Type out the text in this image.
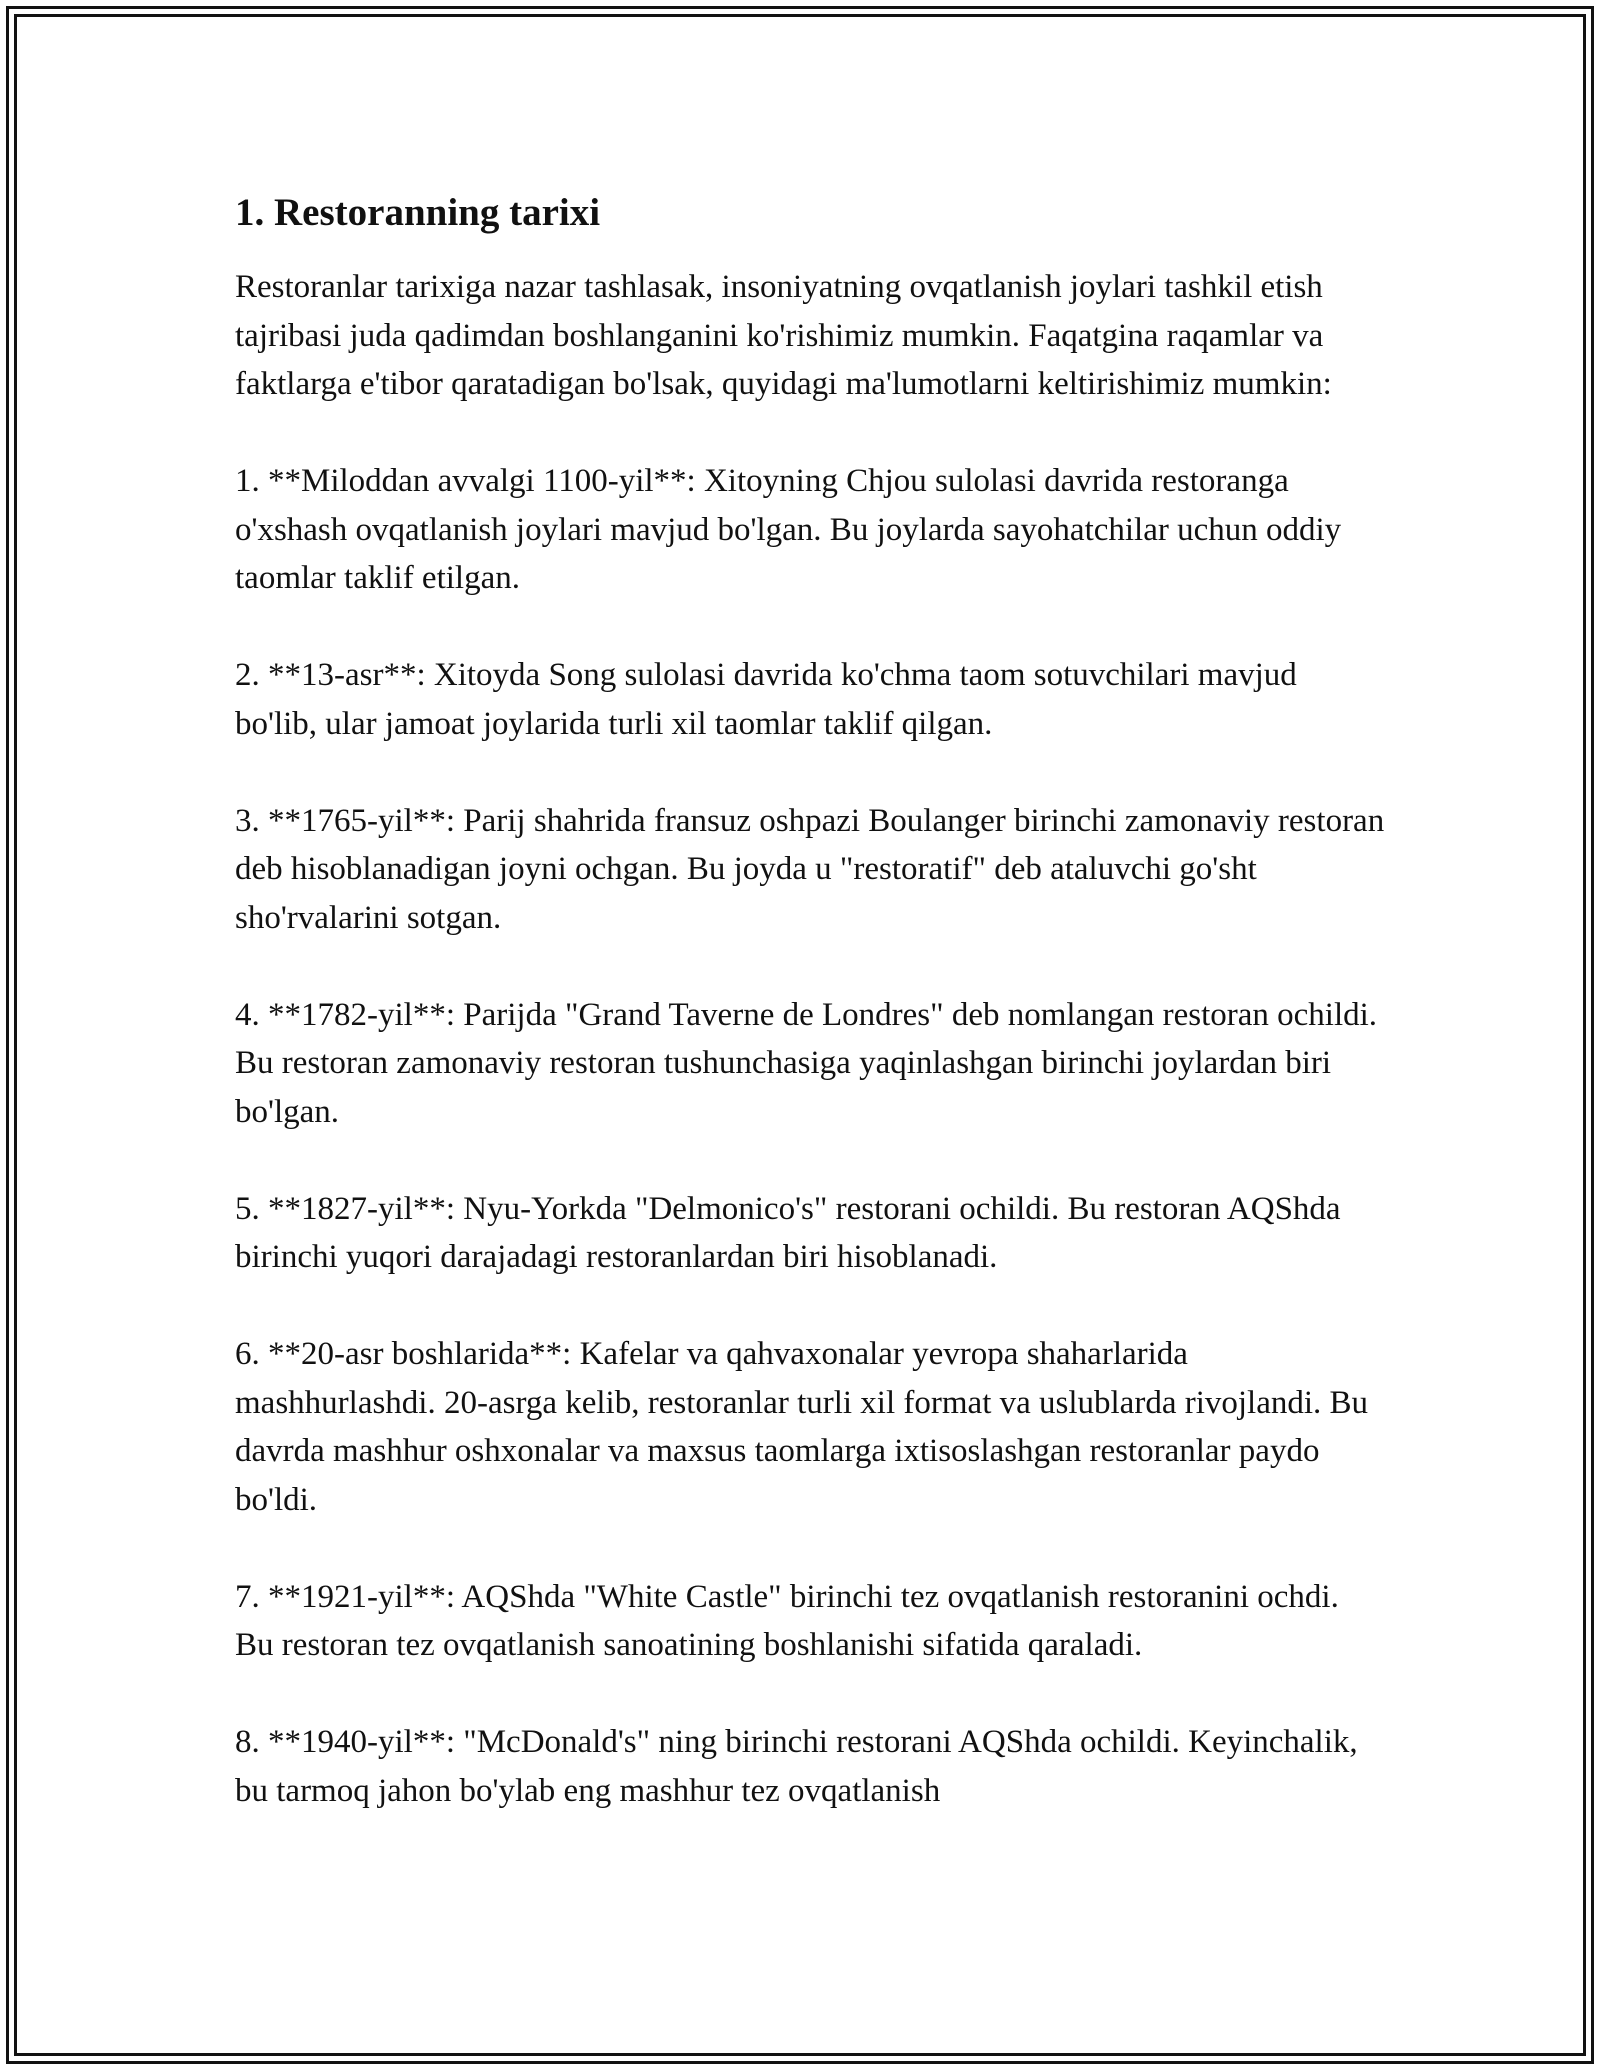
1. Restoranning tarixi

Restoranlar tarixiga nazar tashlasak, insoniyatning ovqatlanish joylari tashkil etish tajribasi juda qadimdan boshlanganini ko'rishimiz mumkin. Faqatgina raqamlar va faktlarga e'tibor qaratadigan bo'lsak, quyidagi ma'lumotlarni keltirishimiz mumkin:

1. **Miloddan avvalgi 1100-yil**: Xitoyning Chjou sulolasi davrida restoranga o'xshash ovqatlanish joylari mavjud bo'lgan. Bu joylarda sayohatchilar uchun oddiy taomlar taklif etilgan.

2. **13-asr**: Xitoyda Song sulolasi davrida ko'chma taom sotuvchilari mavjud bo'lib, ular jamoat joylarida turli xil taomlar taklif qilgan.

3. **1765-yil**: Parij shahrida fransuz oshpazi Boulanger birinchi zamonaviy restoran deb hisoblanadigan joyni ochgan. Bu joyda u "restoratif" deb ataluvchi go'sht sho'rvalarini sotgan.

4. **1782-yil**: Parijda "Grand Taverne de Londres" deb nomlangan restoran ochildi. Bu restoran zamonaviy restoran tushunchasiga yaqinlashgan birinchi joylardan biri bo'lgan.

5. **1827-yil**: Nyu-Yorkda "Delmonico's" restorani ochildi. Bu restoran AQShda birinchi yuqori darajadagi restoranlardan biri hisoblanadi.

6. **20-asr boshlarida**: Kafelar va qahvaxonalar yevropa shaharlarida mashhurlashdi. 20-asrga kelib, restoranlar turli xil format va uslublarda rivojlandi. Bu davrda mashhur oshxonalar va maxsus taomlarga ixtisoslashgan restoranlar paydo bo'ldi.

7. **1921-yil**: AQShda "White Castle" birinchi tez ovqatlanish restoranini ochdi. Bu restoran tez ovqatlanish sanoatining boshlanishi sifatida qaraladi.

8. **1940-yil**: "McDonald's" ning birinchi restorani AQShda ochildi. Keyinchalik, bu tarmoq jahon bo'ylab eng mashhur tez ovqatlanish
